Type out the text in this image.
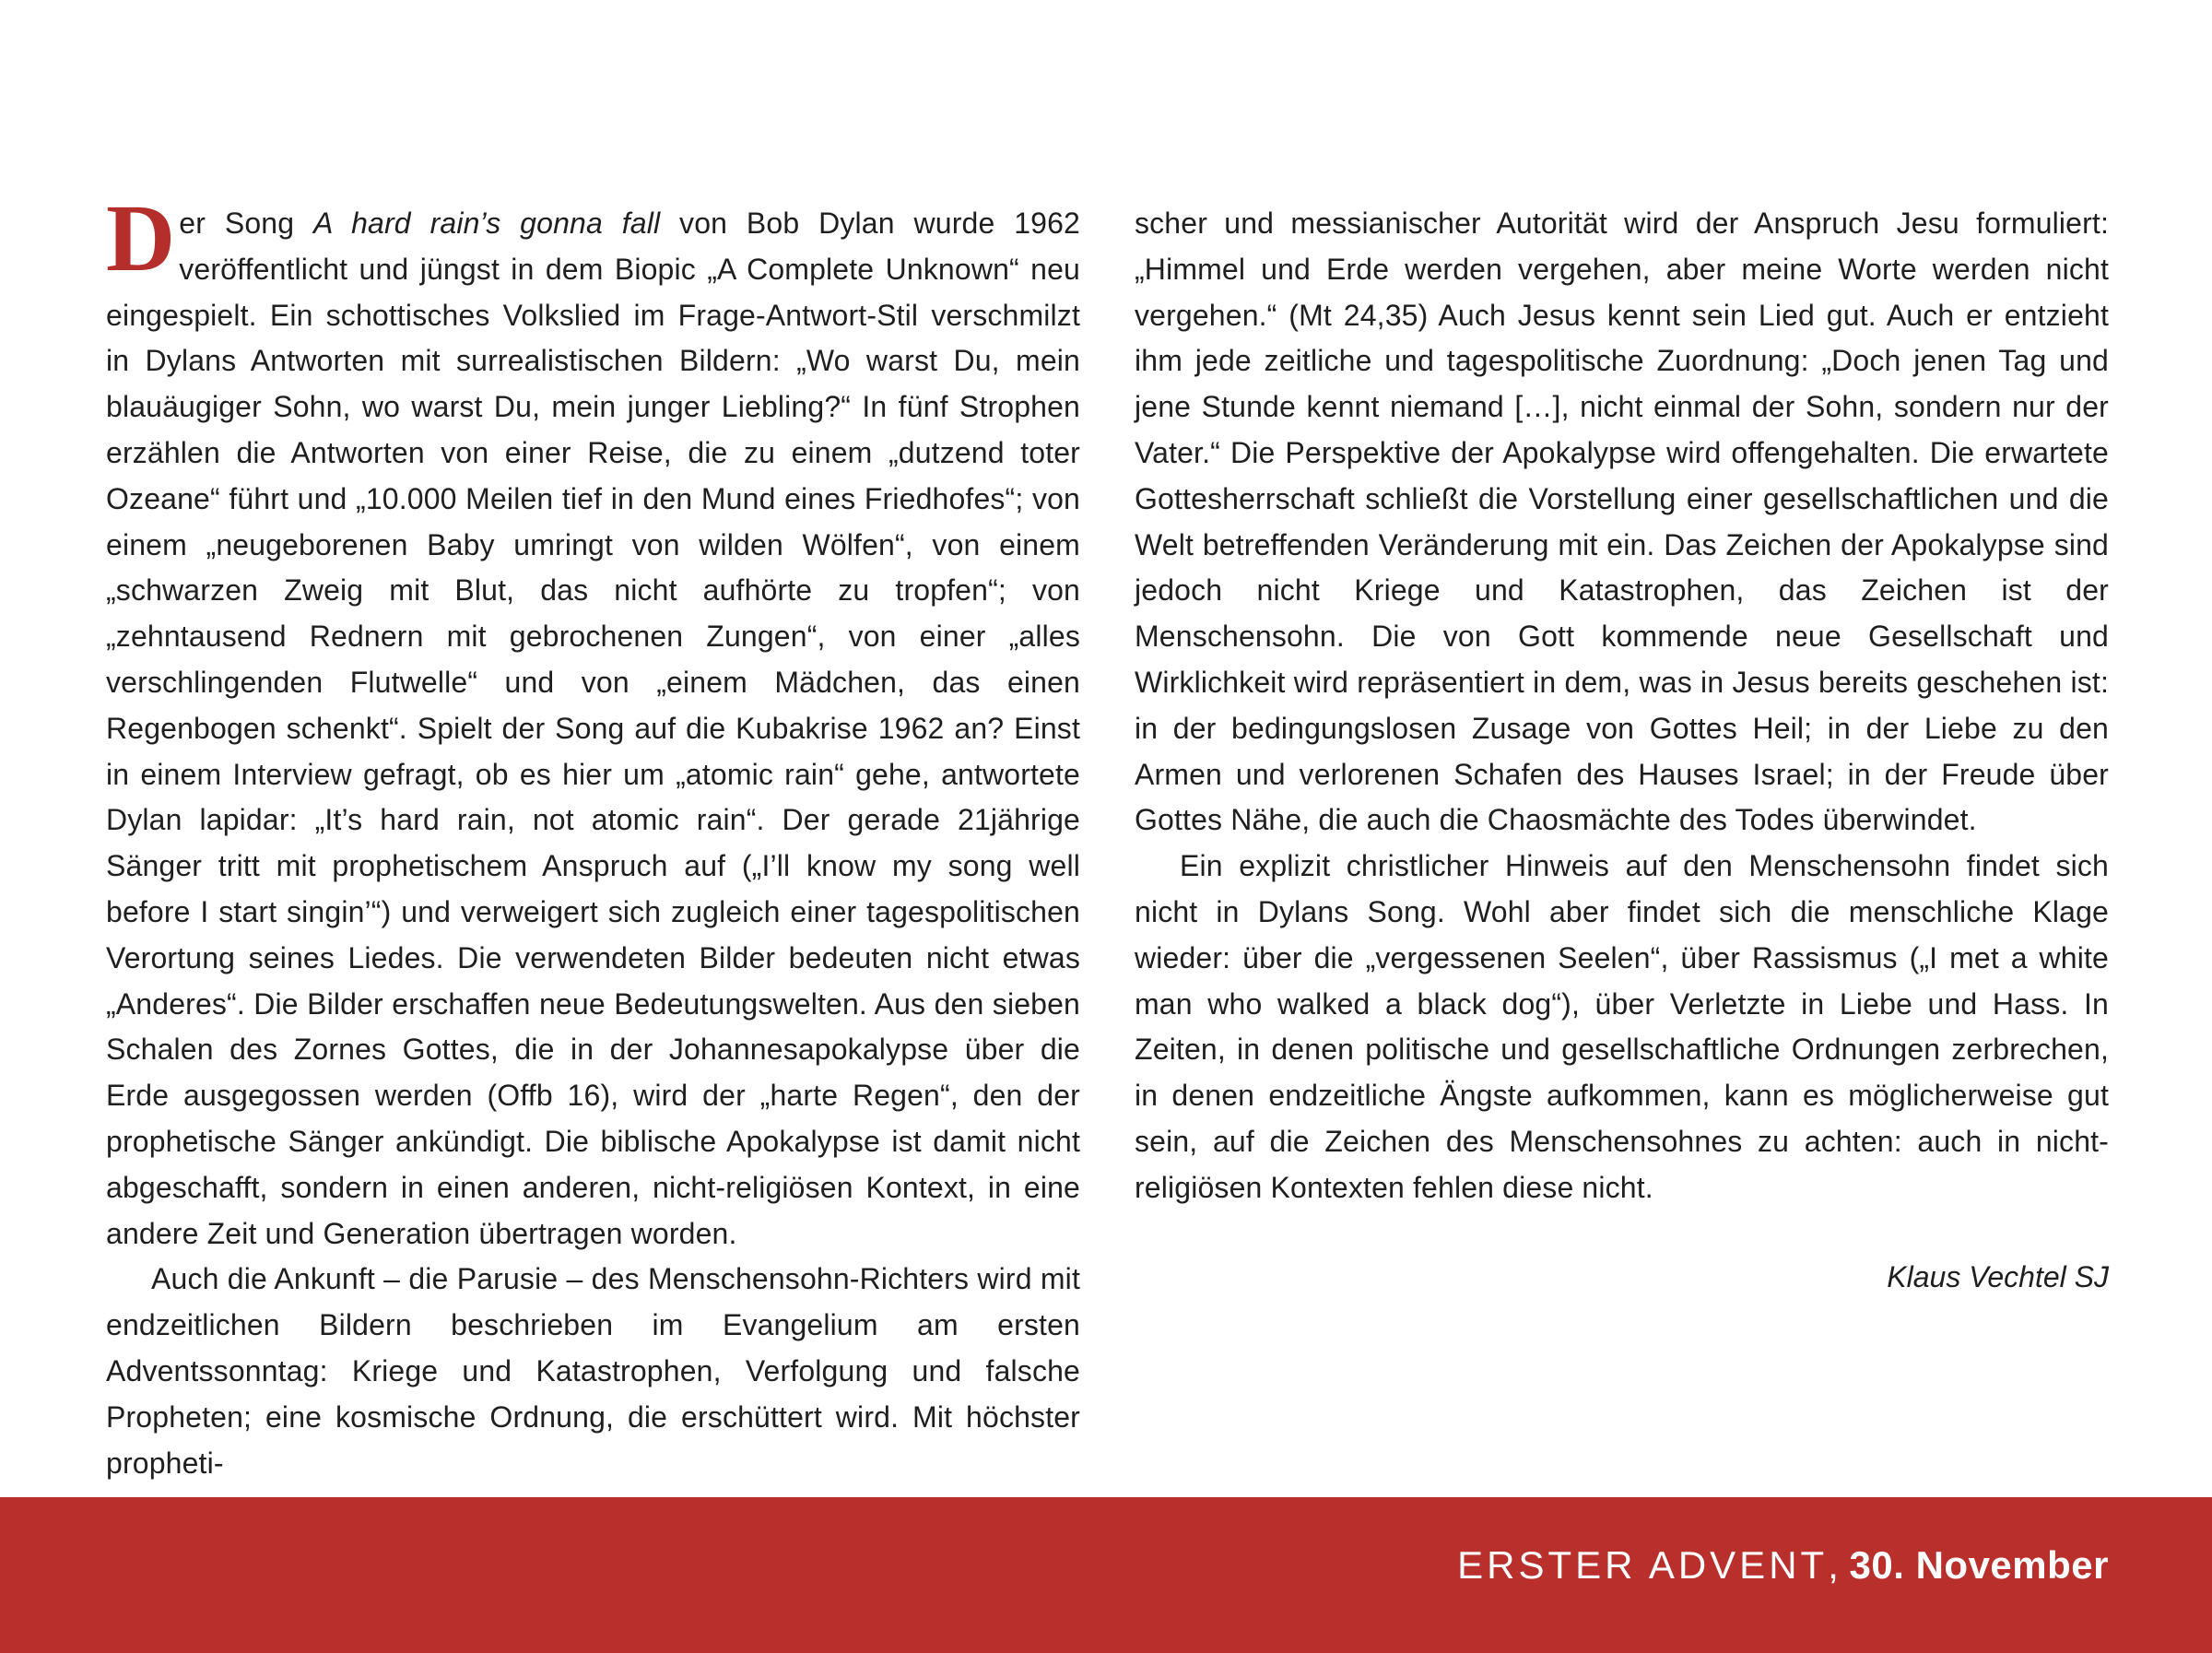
Der Song A hard rain’s gonna fall von Bob Dylan wurde 1962 veröffentlicht und jüngst in dem Biopic „A Complete Unknown“ neu eingespielt. Ein schottisches Volkslied im Frage-Antwort-Stil verschmilzt in Dylans Antworten mit surrealistischen Bildern: „Wo warst Du, mein blauäugiger Sohn, wo warst Du, mein junger Liebling?“ In fünf Strophen erzählen die Antworten von einer Reise, die zu einem „dutzend toter Ozeane“ führt und „10.000 Meilen tief in den Mund eines Friedhofes“; von einem „neugeborenen Baby umringt von wilden Wölfen“, von einem „schwarzen Zweig mit Blut, das nicht aufhörte zu tropfen“; von „zehntausend Rednern mit gebrochenen Zungen“, von einer „alles verschlingenden Flutwelle“ und von „einem Mädchen, das einen Regenbogen schenkt“. Spielt der Song auf die Kubakrise 1962 an? Einst in einem Interview gefragt, ob es hier um „atomic rain“ gehe, antwortete Dylan lapidar: „It’s hard rain, not atomic rain“. Der gerade 21jährige Sänger tritt mit prophetischem Anspruch auf („I’ll know my song well before I start singin’“) und verweigert sich zugleich einer tagespolitischen Verortung seines Liedes. Die verwendeten Bilder bedeuten nicht etwas „Anderes“. Die Bilder erschaffen neue Bedeutungswelten. Aus den sieben Schalen des Zornes Gottes, die in der Johannesapokalypse über die Erde ausgegossen werden (Offb 16), wird der „harte Regen“, den der prophetische Sänger ankündigt. Die biblische Apokalypse ist damit nicht abgeschafft, sondern in einen anderen, nicht-religiösen Kontext, in eine andere Zeit und Generation übertragen worden.

Auch die Ankunft – die Parusie – des Menschensohn-Richters wird mit endzeitlichen Bildern beschrieben im Evangelium am ersten Adventssonntag: Kriege und Katastrophen, Verfolgung und falsche Propheten; eine kosmische Ordnung, die erschüttert wird. Mit höchster propheti-

scher und messianischer Autorität wird der Anspruch Jesu formuliert: „Himmel und Erde werden vergehen, aber meine Worte werden nicht vergehen.“ (Mt 24,35) Auch Jesus kennt sein Lied gut. Auch er entzieht ihm jede zeitliche und tagespolitische Zuordnung: „Doch jenen Tag und jene Stunde kennt niemand […], nicht einmal der Sohn, sondern nur der Vater.“ Die Perspektive der Apokalypse wird offengehalten. Die erwartete Gottesherrschaft schließt die Vorstellung einer gesellschaftlichen und die Welt betreffenden Veränderung mit ein. Das Zeichen der Apokalypse sind jedoch nicht Kriege und Katastrophen, das Zeichen ist der Menschensohn. Die von Gott kommende neue Gesellschaft und Wirklichkeit wird repräsentiert in dem, was in Jesus bereits geschehen ist: in der bedingungslosen Zusage von Gottes Heil; in der Liebe zu den Armen und verlorenen Schafen des Hauses Israel; in der Freude über Gottes Nähe, die auch die Chaosmächte des Todes überwindet.

Ein explizit christlicher Hinweis auf den Menschensohn findet sich nicht in Dylans Song. Wohl aber findet sich die menschliche Klage wieder: über die „vergessenen Seelen“, über Rassismus („I met a white man who walked a black dog“), über Verletzte in Liebe und Hass. In Zeiten, in denen politische und gesellschaftliche Ordnungen zerbrechen, in denen endzeitliche Ängste aufkommen, kann es möglicherweise gut sein, auf die Zeichen des Menschensohnes zu achten: auch in nicht-religiösen Kontexten fehlen diese nicht.

Klaus Vechtel SJ
ERSTER ADVENT, 30. November
